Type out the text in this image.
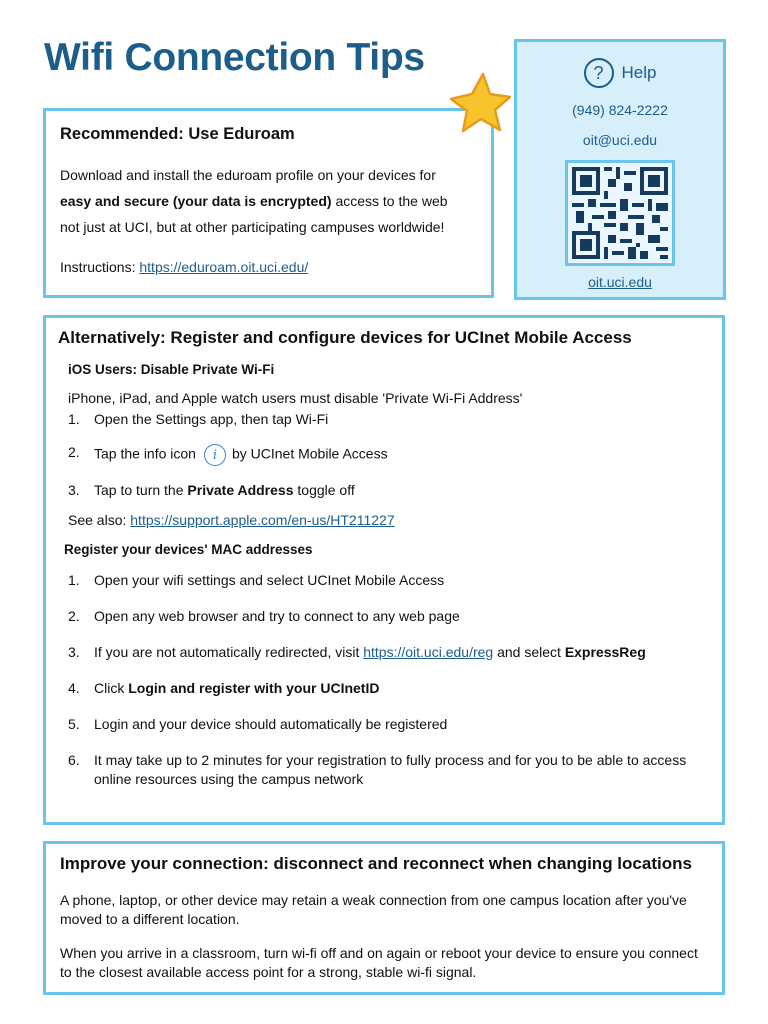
Wifi Connection Tips
Recommended: Use Eduroam

Download and install the eduroam profile on your devices for
easy and secure (your data is encrypted) access to the web
not just at UCI, but at other participating campuses worldwide!

Instructions: https://eduroam.oit.uci.edu/

?	Help
(949) 824-2222
oit@uci.edu
oit.uci.edu
Alternatively: Register and configure devices for UCInet Mobile Access
iOS Users: Disable Private Wi-Fi
iPhone, iPad, and Apple watch users must disable 'Private Wi-Fi Address'
1.	Open the Settings app, then tap Wi-Fi
2.	Tap the info icon i by UCInet Mobile Access
3.	Tap to turn the Private Address toggle off
See also: https://support.apple.com/en-us/HT211227
Register your devices' MAC addresses
1.	Open your wifi settings and select UCInet Mobile Access
2.	Open any web browser and try to connect to any web page
3.	If you are not automatically redirected, visit https://oit.uci.edu/reg and select ExpressReg
4.	Click Login and register with your UCInetID
5.	Login and your device should automatically be registered
6.	It may take up to 2 minutes for your registration to fully process and for you to be able to access online resources using the campus network
Improve your connection: disconnect and reconnect when changing locations

A phone, laptop, or other device may retain a weak connection from one campus location after you've moved to a different location.

When you arrive in a classroom, turn wi-fi off and on again or reboot your device to ensure you connect to the closest available access point for a strong, stable wi-fi signal.
